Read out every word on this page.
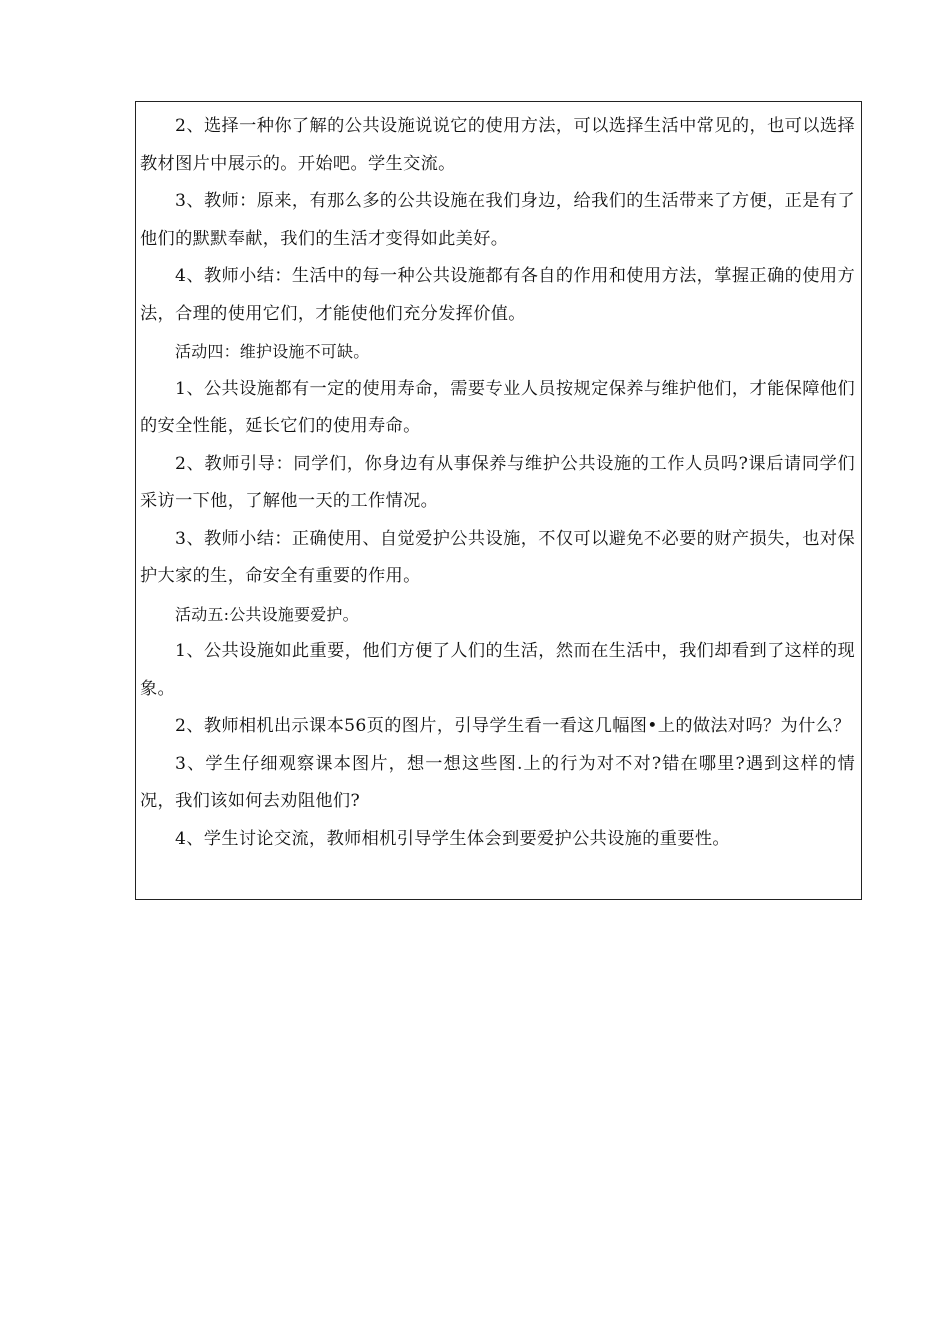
2、选择一种你了解的公共设施说说它的使用方法，可以选择生活中常见的，也可以选择教材图片中展示的。开始吧。学生交流。

3、教师：原来，有那么多的公共设施在我们身边，给我们的生活带来了方便，正是有了他们的默默奉献，我们的生活才变得如此美好。

4、教师小结：生活中的每一种公共设施都有各自的作用和使用方法，掌握正确的使用方法，合理的使用它们，才能使他们充分发挥价值。

活动四：维护设施不可缺。

1、公共设施都有一定的使用寿命，需要专业人员按规定保养与维护他们，才能保障他们的安全性能，延长它们的使用寿命。

2、教师引导：同学们，你身边有从事保养与维护公共设施的工作人员吗?课后请同学们采访一下他，了解他一天的工作情况。

3、教师小结：正确使用、自觉爱护公共设施，不仅可以避免不必要的财产损失，也对保护大家的生，命安全有重要的作用。

活动五:公共设施要爱护。

1、公共设施如此重要，他们方便了人们的生活，然而在生活中，我们却看到了这样的现象。

2、教师相机出示课本56页的图片，引导学生看一看这几幅图•上的做法对吗？为什么？

3、学生仔细观察课本图片，想一想这些图.上的行为对不对?错在哪里?遇到这样的情况，我们该如何去劝阻他们?

4、学生讨论交流，教师相机引导学生体会到要爱护公共设施的重要性。
